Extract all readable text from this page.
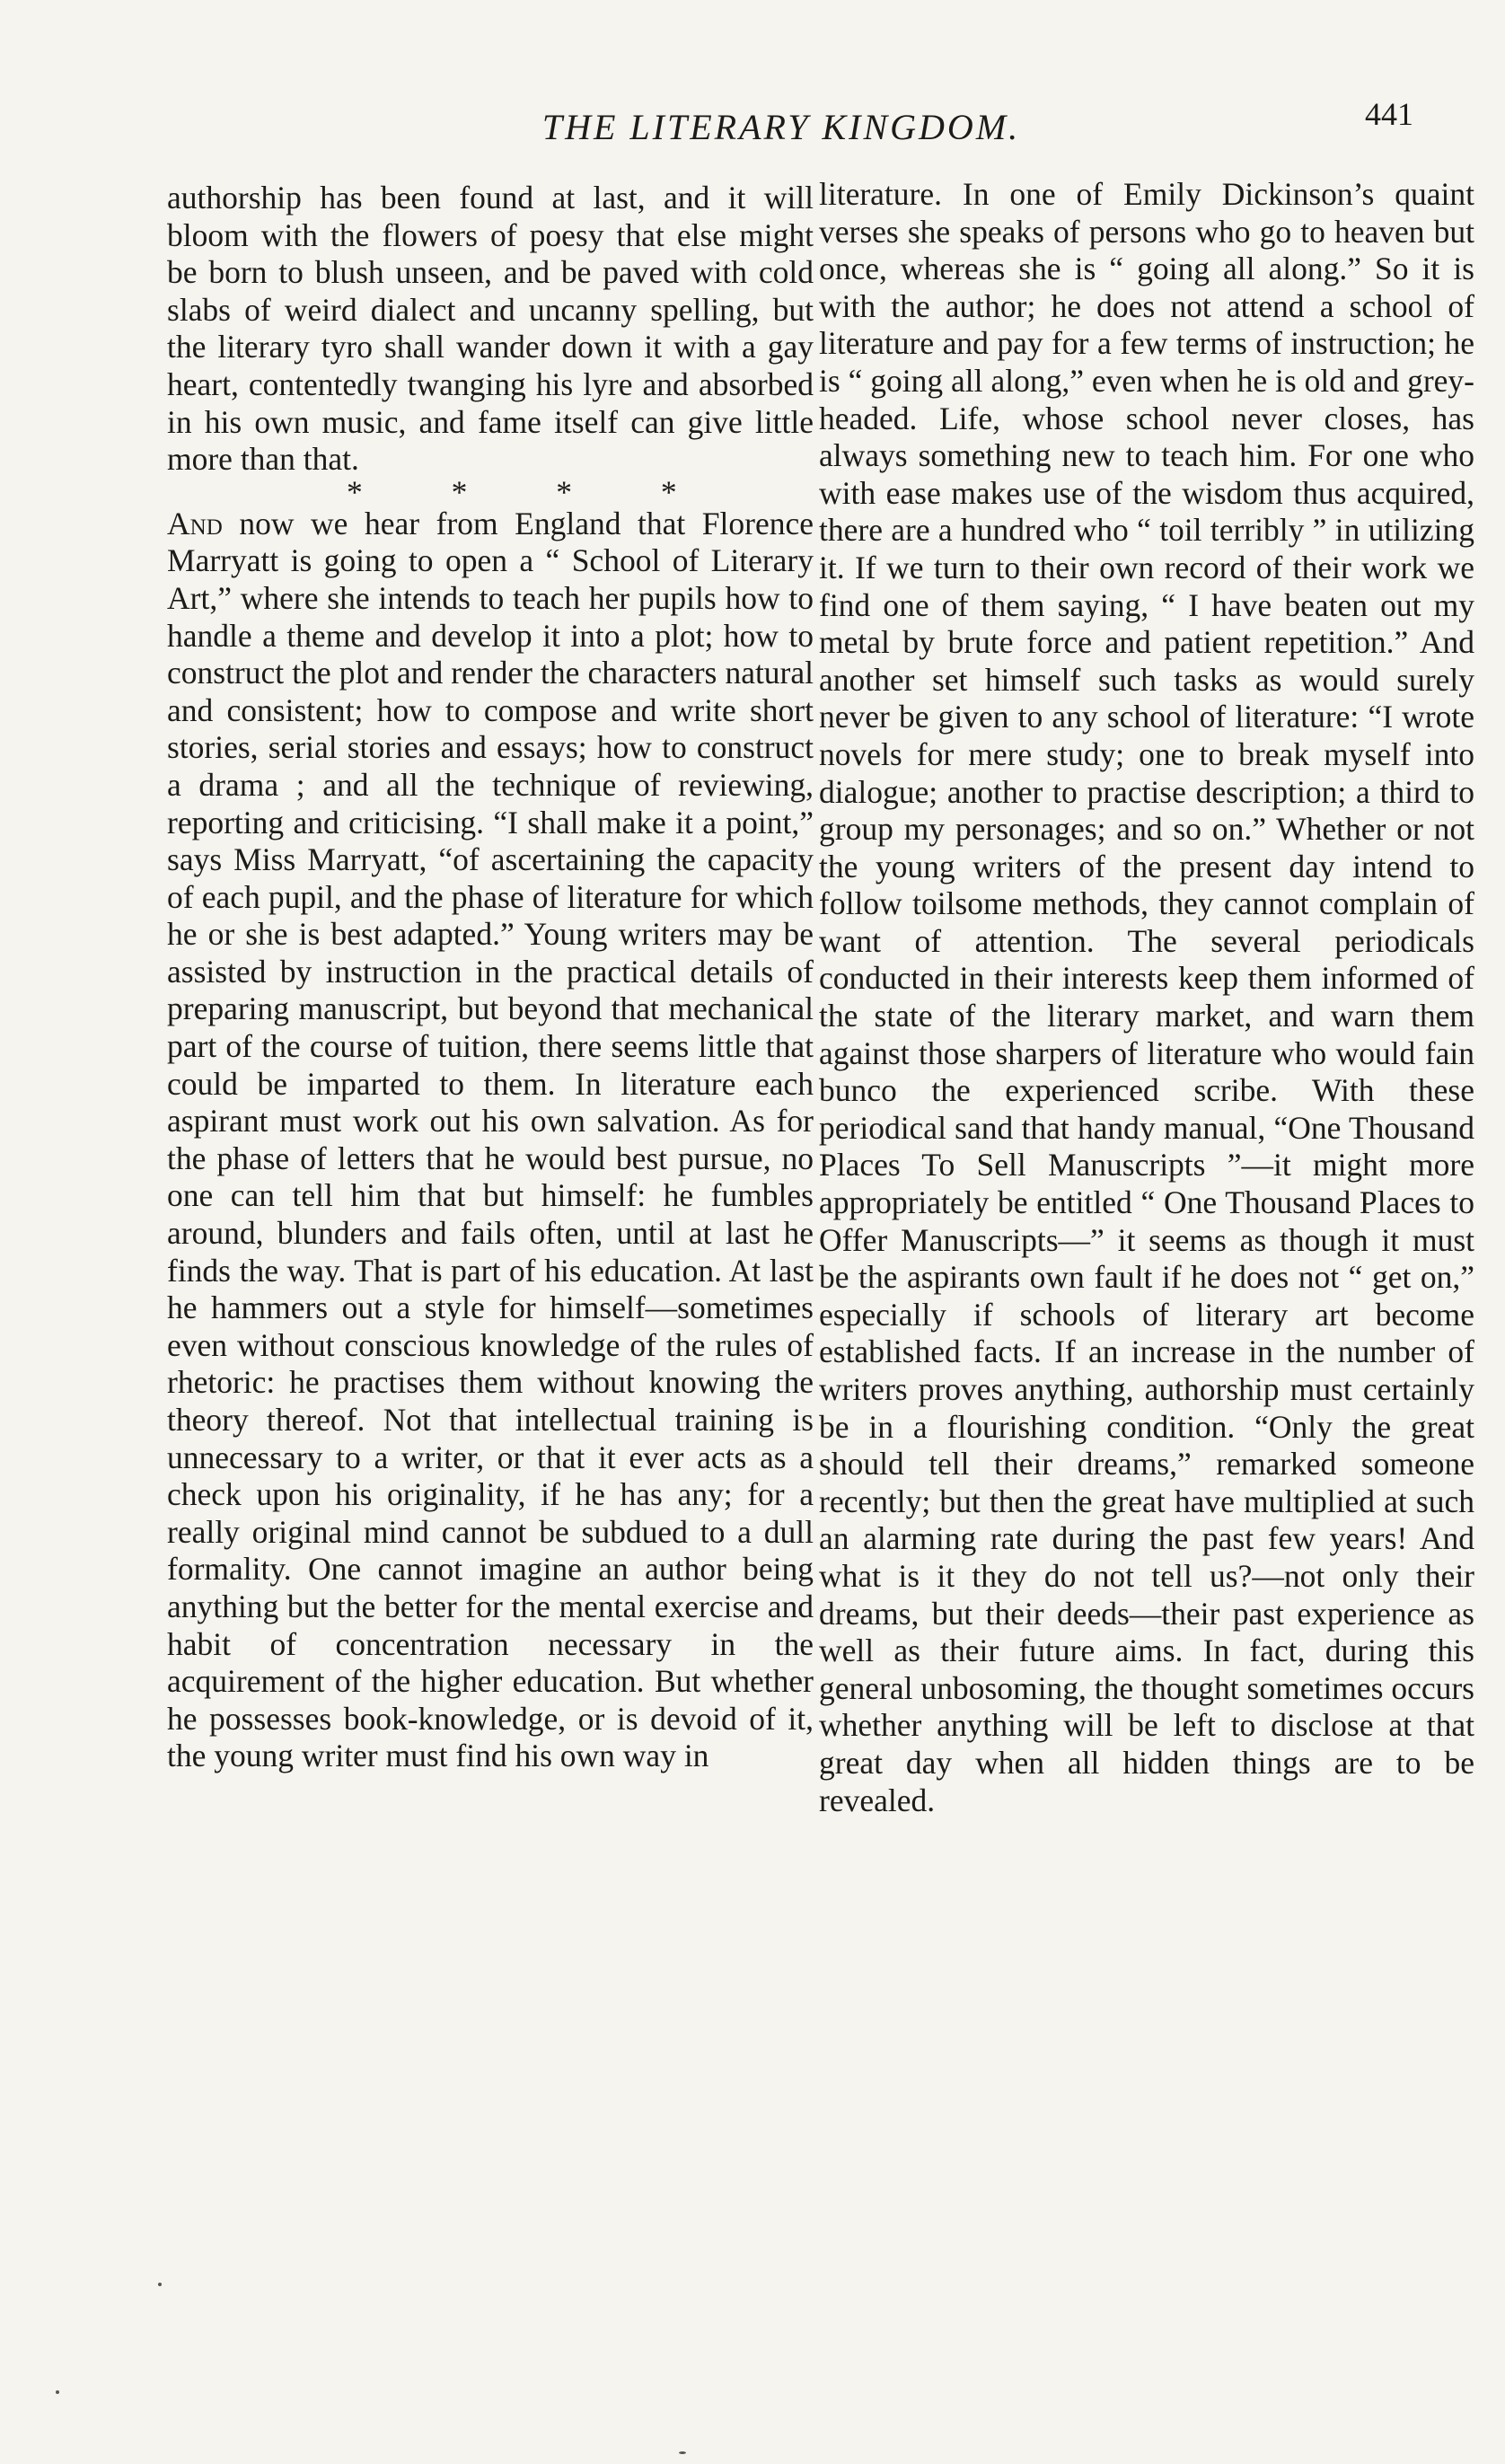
THE LITERARY KINGDOM.	441

authorship has been found at last, and it will bloom with the flowers of poesy that else might be born to blush unseen, and be paved with cold slabs of weird dialect and uncanny spelling, but the literary tyro shall wander down it with a gay heart, contentedly twanging his lyre and absorbed in his own music, and fame itself can give little more than that.

* * * *

And now we hear from England that Florence Marryatt is going to open a “ School of Literary Art,” where she intends to teach her pupils how to handle a theme and develop it into a plot; how to construct the plot and render the characters natural and consistent; how to compose and write short stories, serial stories and essays; how to construct a drama ; and all the technique of reviewing, reporting and criticising. “I shall make it a point,” says Miss Marryatt, “of ascertaining the capacity of each pupil, and the phase of literature for which he or she is best adapted.” Young writers may be assisted by instruction in the practical details of preparing manuscript, but beyond that mechanical part of the course of tuition, there seems little that could be imparted to them. In literature each aspirant must work out his own salvation. As for the phase of letters that he would best pursue, no one can tell him that but himself: he fumbles around, blunders and fails often, until at last he finds the way. That is part of his education. At last he hammers out a style for himself—sometimes even without conscious knowledge of the rules of rhetoric: he practises them without knowing the theory thereof. Not that intellectual training is unnecessary to a writer, or that it ever acts as a check upon his originality, if he has any; for a really original mind cannot be subdued to a dull formality. One cannot imagine an author being anything but the better for the mental exercise and habit of concentration necessary in the acquirement of the higher education. But whether he possesses book-knowledge, or is devoid of it, the young writer must find his own way in

literature. In one of Emily Dickinson’s quaint verses she speaks of persons who go to heaven but once, whereas she is “ going all along.” So it is with the author; he does not attend a school of literature and pay for a few terms of instruction; he is “ going all along,” even when he is old and grey-headed. Life, whose school never closes, has always something new to teach him. For one who with ease makes use of the wisdom thus acquired, there are a hundred who “ toil terribly ” in utilizing it. If we turn to their own record of their work we find one of them saying, “ I have beaten out my metal by brute force and patient repetition.” And another set himself such tasks as would surely never be given to any school of literature: “I wrote novels for mere study; one to break myself into dialogue; another to practise description; a third to group my personages; and so on.” Whether or not the young writers of the present day intend to follow toilsome methods, they cannot complain of want of attention. The several periodicals conducted in their interests keep them informed of the state of the literary market, and warn them against those sharpers of literature who would fain bunco the experienced scribe. With these periodical sand that handy manual, “One Thousand Places To Sell Manuscripts ”—it might more appropriately be entitled “ One Thousand Places to Offer Manuscripts—” it seems as though it must be the aspirants own fault if he does not “ get on,” especially if schools of literary art become established facts. If an increase in the number of writers proves anything, authorship must certainly be in a flourishing condition. “Only the great should tell their dreams,” remarked someone recently; but then the great have multiplied at such an alarming rate during the past few years! And what is it they do not tell us?—not only their dreams, but their deeds—their past experience as well as their future aims. In fact, during this general unbosoming, the thought sometimes occurs whether anything will be left to disclose at that great day when all hidden things are to be revealed.
